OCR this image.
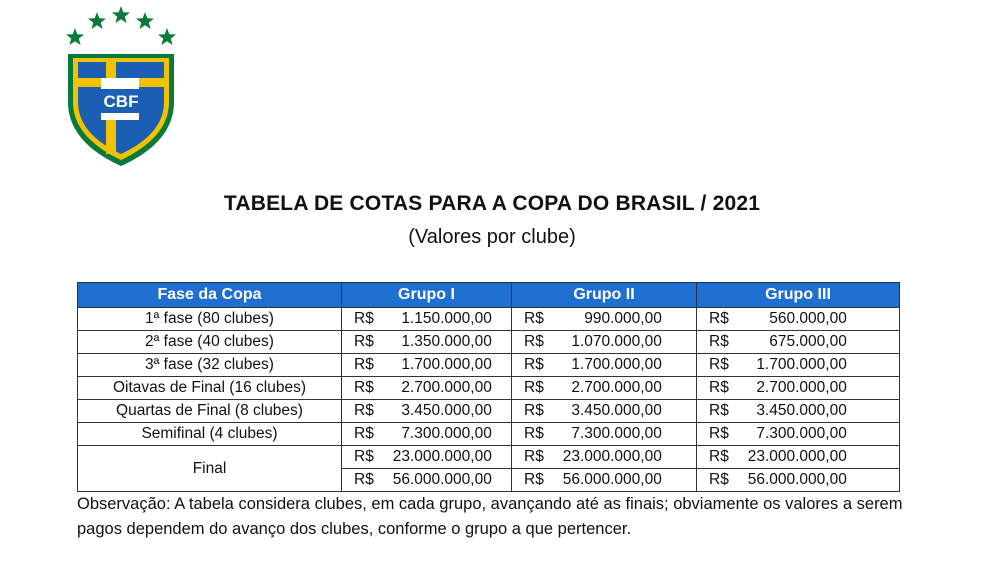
CBF
TABELA DE COTAS PARA A COPA DO BRASIL / 2021
(Valores por clube)
Fase da Copa	Grupo I	Grupo II	Grupo III
1ª fase (80 clubes)	R$ 1.150.000,00	R$ 990.000,00	R$ 560.000,00
2ª fase (40 clubes)	R$ 1.350.000,00	R$ 1.070.000,00	R$ 675.000,00
3ª fase (32 clubes)	R$ 1.700.000,00	R$ 1.700.000,00	R$ 1.700.000,00
Oitavas de Final (16 clubes)	R$ 2.700.000,00	R$ 2.700.000,00	R$ 2.700.000,00
Quartas de Final (8 clubes)	R$ 3.450.000,00	R$ 3.450.000,00	R$ 3.450.000,00
Semifinal (4 clubes)	R$ 7.300.000,00	R$ 7.300.000,00	R$ 7.300.000,00
Final	R$ 23.000.000,00	R$ 23.000.000,00	R$ 23.000.000,00
	R$ 56.000.000,00	R$ 56.000.000,00	R$ 56.000.000,00
Observação: A tabela considera clubes, em cada grupo, avançando até as finais; obviamente os valores a serem pagos dependem do avanço dos clubes, conforme o grupo a que pertencer.
